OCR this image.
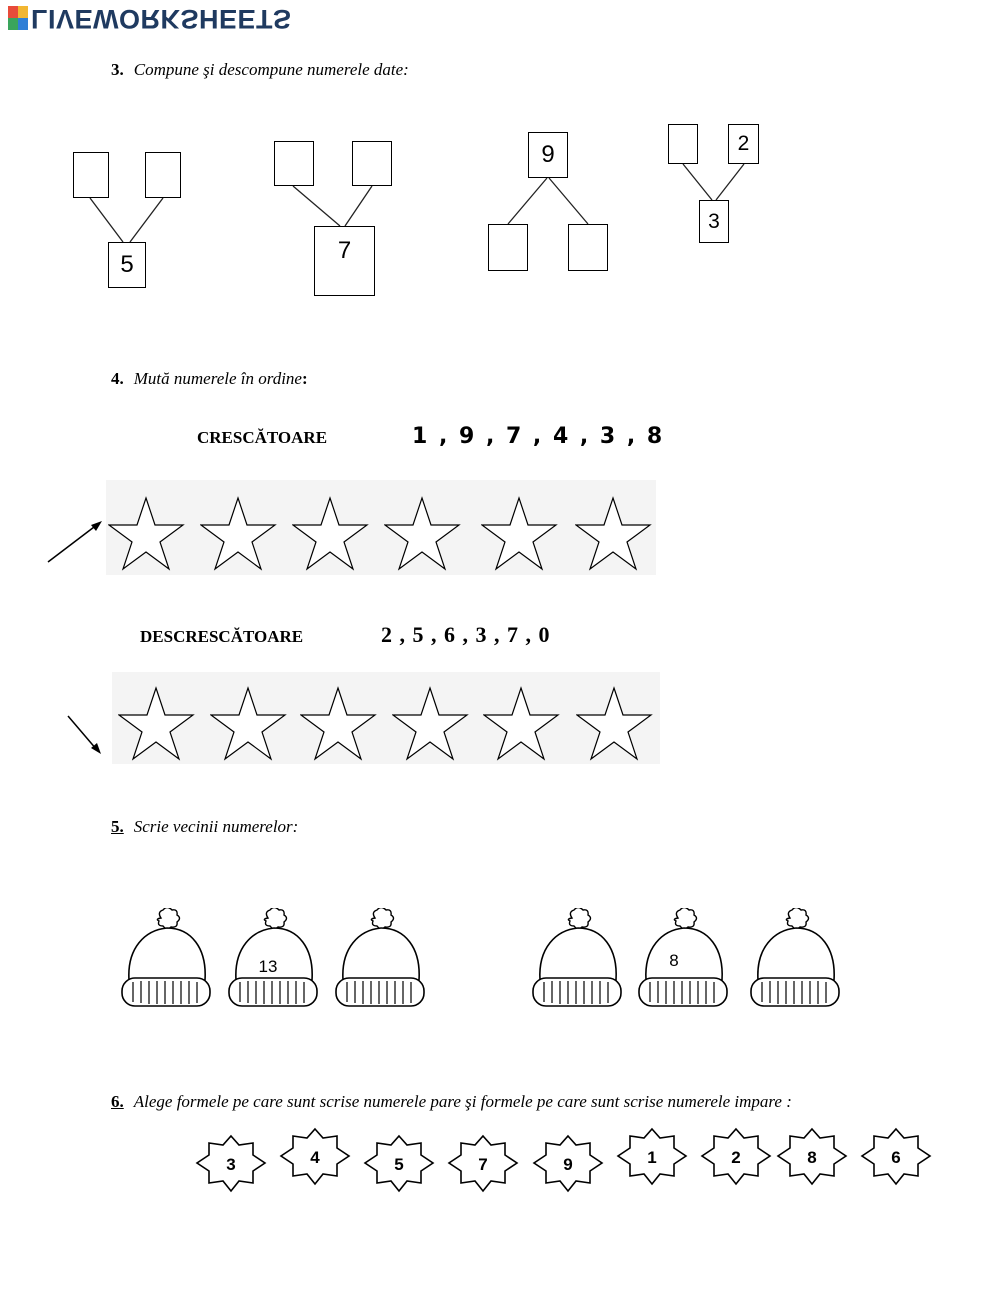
LIVEWORKSHEETS
3. Compune şi descompune numerele date:
5
7
9	2
3
4. Mută numerele în ordine:
CRESCĂTOARE	1 , 9 , 7 , 4 , 3 , 8
DESCRESCĂTOARE	2 , 5 , 6 , 3 , 7 , 0
5. Scrie vecinii numerelor:
13	8
6. Alege formele pe care sunt scrise numerele pare şi formele pe care sunt scrise numerele impare :
3	4	5	7	9	1	2	8	6
